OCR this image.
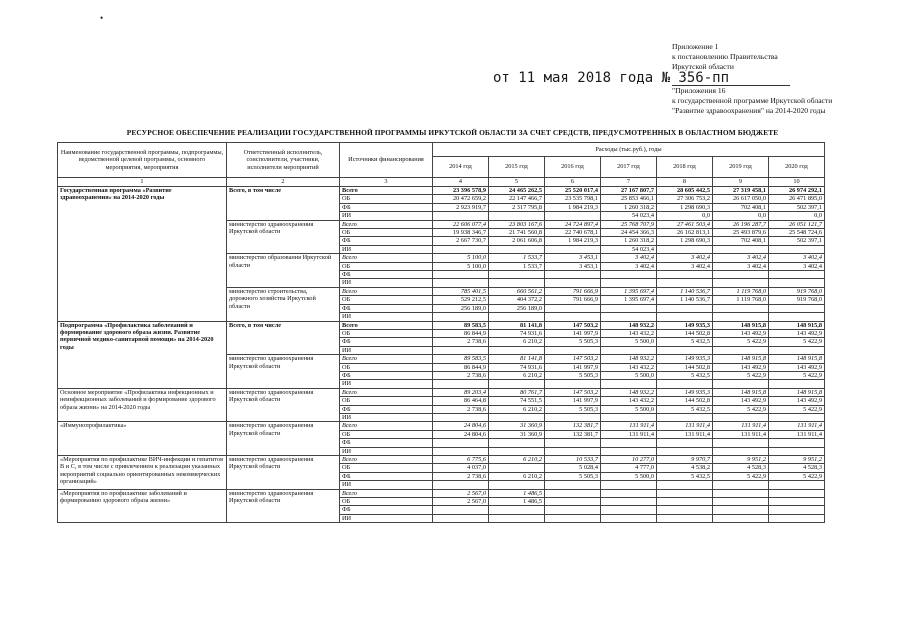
•
Приложение 1
к постановлению Правительства
Иркутской области
от 11 мая 2018 года № 356-пп
"Приложения 16
к государственной программе Иркутской области
"Развитие здравоохранения" на 2014-2020 годы
РЕСУРСНОЕ ОБЕСПЕЧЕНИЕ РЕАЛИЗАЦИИ ГОСУДАРСТВЕННОЙ ПРОГРАММЫ ИРКУТСКОЙ ОБЛАСТИ ЗА СЧЕТ СРЕДСТВ, ПРЕДУСМОТРЕННЫХ В ОБЛАСТНОМ БЮДЖЕТЕ
Наименование государственной программы, подпрограммы, ведомственной целевой программы, основного мероприятия, мероприятия	Ответственный исполнитель, соисполнители, участники, исполнители мероприятий	Источники финансирования	Расходы (тыс.руб.), годы						
			2014 год	2015 год	2016 год	2017 год	2018 год	2019 год	2020 год
1	2	3	4	5	6	7	8	9	10
Государственная программа «Развитие здравоохранения» на 2014-2020 годы	Всего, в том числе	Всего	23 396 578,9	24 465 262,5	25 520 017,4	27 167 807,7	28 605 442,5	27 319 458,1	26 974 292,1
		ОБ	20 472 659,2	22 147 466,7	23 535 798,1	25 853 466,1	27 306 753,2	26 617 050,0	26 471 895,0
		ФБ	2 923 919,7	2 317 795,8	1 984 219,3	1 260 318,2	1 298 690,3	702 408,1	502 397,1
		ИИ				54 023,4	0,0	0,0	0,0
	министерство здравоохранения Иркутской области	Всего	22 606 077,4	23 803 167,6	24 724 897,4	25 768 707,9	27 461 503,4	26 196 287,7	26 051 121,7
		ОБ	19 938 346,7	21 741 560,8	22 740 678,1	24 454 366,3	26 162 813,1	25 493 879,6	25 548 724,6
		ФБ	2 667 730,7	2 061 606,8	1 984 219,3	1 260 318,2	1 298 690,3	702 408,1	502 397,1
		ИИ				54 023,4			
	министерство образования Иркутской области	Всего	5 100,0	1 533,7	3 453,1	3 402,4	3 402,4	3 402,4	3 402,4
		ОБ	5 100,0	1 533,7	3 453,1	3 402,4	3 402,4	3 402,4	3 402,4
		ФБ							
		ИИ							
	министерство строительства, дорожного хозяйства Иркутской области	Всего	785 401,5	660 561,2	791 666,9	1 395 697,4	1 140 536,7	1 119 768,0	919 768,0
		ОБ	529 212,5	404 372,2	791 666,9	1 395 697,4	1 140 536,7	1 119 768,0	919 768,0
		ФБ	256 189,0	256 189,0					
		ИИ							
Подпрограмма «Профилактика заболеваний и формирование здорового образа жизни. Развитие первичной медико-санитарной помощи» на 2014-2020 годы	Всего, в том числе	Всего	89 583,5	81 141,8	147 503,2	148 932,2	149 935,3	148 915,8	148 915,8
		ОБ	86 844,9	74 931,6	141 997,9	143 432,2	144 502,8	143 492,9	143 492,9
		ФБ	2 738,6	6 210,2	5 505,3	5 500,0	5 432,5	5 422,9	5 422,9
		ИИ							
	министерство здравоохранения Иркутской области	Всего	89 583,5	81 141,8	147 503,2	148 932,2	149 935,3	148 915,8	148 915,8
		ОБ	86 844,9	74 931,6	141 997,9	143 432,2	144 502,8	143 492,9	143 492,9
		ФБ	2 738,6	6 210,2	5 505,3	5 500,0	5 432,5	5 422,9	5 422,9
		ИИ							
Основное мероприятие «Профилактика инфекционных и неинфекционных заболеваний и формирование здорового образа жизни» на 2014-2020 годы	министерство здравоохранения Иркутской области	Всего	89 203,4	80 761,7	147 503,2	148 932,2	149 935,3	148 915,8	148 915,8
		ОБ	86 464,8	74 551,5	141 997,9	143 432,2	144 502,8	143 492,9	143 492,9
		ФБ	2 738,6	6 210,2	5 505,3	5 500,0	5 432,5	5 422,9	5 422,9
		ИИ							
«Иммунопрофилактика»	министерство здравоохранения Иркутской области	Всего	24 804,6	31 360,9	132 381,7	131 911,4	131 911,4	131 911,4	131 911,4
		ОБ	24 804,6	31 360,9	132 381,7	131 911,4	131 911,4	131 911,4	131 911,4
		ФБ							
		ИИ							
«Мероприятия по профилактике ВИЧ-инфекции и гепатитов В и С, в том числе с привлечением к реализации указанных мероприятий социально ориентированных некоммерческих организаций»	министерство здравоохранения Иркутской области	Всего	6 775,6	6 210,2	10 533,7	10 277,0	9 970,7	9 951,2	9 951,2
		ОБ	4 037,0		5 028,4	4 777,0	4 538,2	4 528,3	4 528,3
		ФБ	2 738,6	6 210,2	5 505,3	5 500,0	5 432,5	5 422,9	5 422,9
		ИИ							
«Мероприятия по профилактике заболеваний и формированию здорового образа жизни»	министерство здравоохранения Иркутской области	Всего	2 567,0	1 486,5					
		ОБ	2 567,0	1 486,5					
		ФБ							
		ИИ							
